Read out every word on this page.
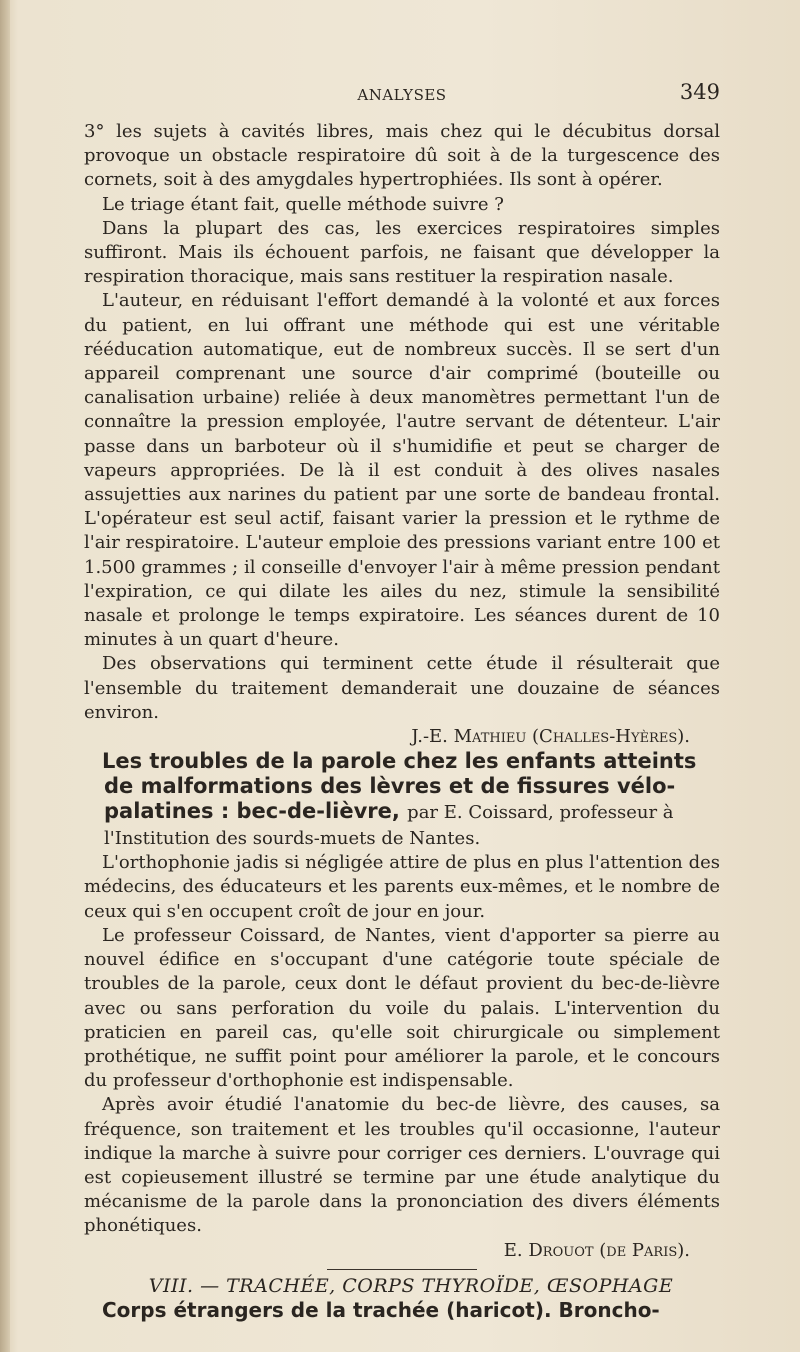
ANALYSES	349

3° les sujets à cavités libres, mais chez qui le décubitus dorsal provoque un obstacle respiratoire dû soit à de la turgescence des cornets, soit à des amygdales hypertrophiées. Ils sont à opérer.

Le triage étant fait, quelle méthode suivre ?

Dans la plupart des cas, les exercices respiratoires simples suffiront. Mais ils échouent parfois, ne faisant que développer la respiration thoracique, mais sans restituer la respiration nasale.

L'auteur, en réduisant l'effort demandé à la volonté et aux forces du patient, en lui offrant une méthode qui est une véritable rééducation automatique, eut de nombreux succès. Il se sert d'un appareil comprenant une source d'air comprimé (bouteille ou canalisation urbaine) reliée à deux manomètres permettant l'un de connaître la pression employée, l'autre servant de détenteur. L'air passe dans un barboteur où il s'humidifie et peut se charger de vapeurs appropriées. De là il est conduit à des olives nasales assujetties aux narines du patient par une sorte de bandeau frontal. L'opérateur est seul actif, faisant varier la pression et le rythme de l'air respiratoire. L'auteur emploie des pressions variant entre 100 et 1.500 grammes ; il conseille d'envoyer l'air à même pression pendant l'expiration, ce qui dilate les ailes du nez, stimule la sensibilité nasale et prolonge le temps expiratoire. Les séances durent de 10 minutes à un quart d'heure.

Des observations qui terminent cette étude il résulterait que l'ensemble du traitement demanderait une douzaine de séances environ.

J.-E. Mathieu (Challes-Hyères).

Les troubles de la parole chez les enfants atteints de malformations des lèvres et de fissures vélo-palatines : bec-de-lièvre, par E. Coissard, professeur à l'Institution des sourds-muets de Nantes.

L'orthophonie jadis si négligée attire de plus en plus l'attention des médecins, des éducateurs et les parents eux-mêmes, et le nombre de ceux qui s'en occupent croît de jour en jour.

Le professeur Coissard, de Nantes, vient d'apporter sa pierre au nouvel édifice en s'occupant d'une catégorie toute spéciale de troubles de la parole, ceux dont le défaut provient du bec-de-lièvre avec ou sans perforation du voile du palais. L'intervention du praticien en pareil cas, qu'elle soit chirurgicale ou simplement prothétique, ne suffit point pour améliorer la parole, et le concours du professeur d'orthophonie est indispensable.

Après avoir étudié l'anatomie du bec-de lièvre, des causes, sa fréquence, son traitement et les troubles qu'il occasionne, l'auteur indique la marche à suivre pour corriger ces derniers. L'ouvrage qui est copieusement illustré se termine par une étude analytique du mécanisme de la parole dans la prononciation des divers éléments phonétiques.

E. Drouot (de Paris).

VIII. — TRACHÉE, CORPS THYROÏDE, ŒSOPHAGE

Corps étrangers de la trachée (haricot). Broncho-
